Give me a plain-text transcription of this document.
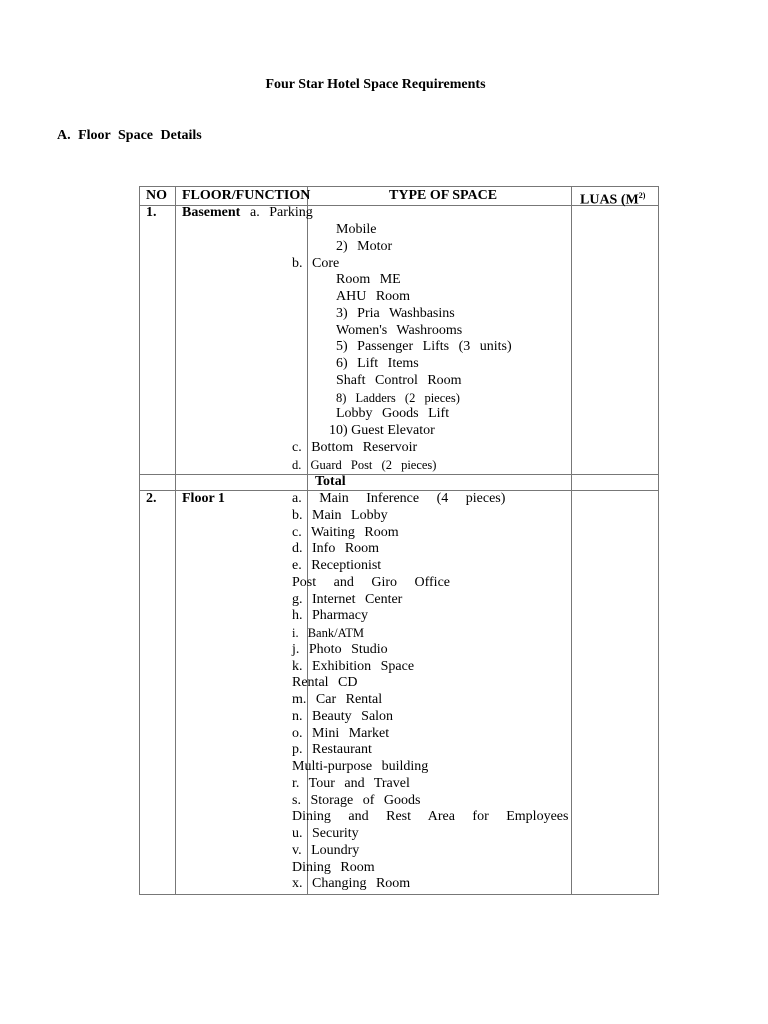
Four Star Hotel Space Requirements
A. Floor Space Details
NO FLOOR/FUNCTION	TYPE OF SPACE	LUAS ($M^{2)}$
1. Basement a. Parking
Mobile
2) Motor
b. Core
Room ME
AHU Room
3) Pria Washbasins
Women's Washrooms
5) Passenger Lifts (3 units)
6) Lift Items
Shaft Control Room
8) Ladders (2 pieces)
Lobby Goods Lift
10) Guest Elevator
c. Bottom Reservoir
d. Guard Post (2 pieces)
Total
2. Floor 1	a. Main Inference (4 pieces)
b. Main Lobby
c. Waiting Room
d. Info Room
e. Receptionist
Post and Giro Office
g. Internet Center
h. Pharmacy
i. Bank/ATM
j. Photo Studio
k. Exhibition Space
Rental CD
m. Car Rental
n. Beauty Salon
o. Mini Market
p. Restaurant
Multi-purpose building
r. Tour and Travel
s. Storage of Goods
Dining and Rest Area for Employees
u. Security
v. Loundry
Dining Room
x. Changing Room
